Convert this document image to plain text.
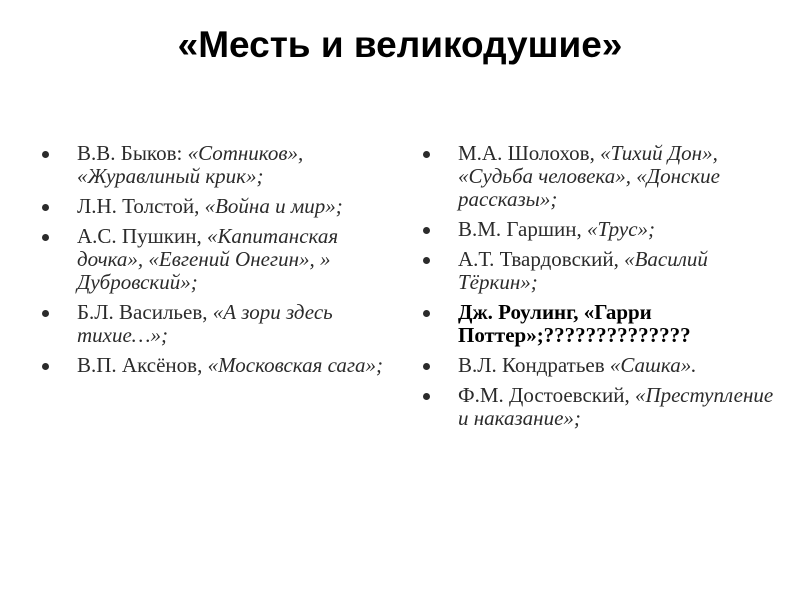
«Месть и великодушие»
В.В. Быков: «Сотников», «Журавлиный крик»;
Л.Н. Толстой, «Война и мир»;
А.С. Пушкин, «Капитанская дочка», «Евгений Онегин», » Дубровский»;
Б.Л. Васильев, «А зори здесь тихие…»;
В.П. Аксёнов, «Московская сага»;
М.А. Шолохов, «Тихий Дон», «Судьба человека», «Донские рассказы»;
В.М. Гаршин, «Трус»;
А.Т. Твардовский, «Василий Тёркин»;
Дж. Роулинг, «Гарри Поттер»;??????????????
В.Л. Кондратьев «Сашка».
Ф.М. Достоевский, «Преступление и наказание»;
